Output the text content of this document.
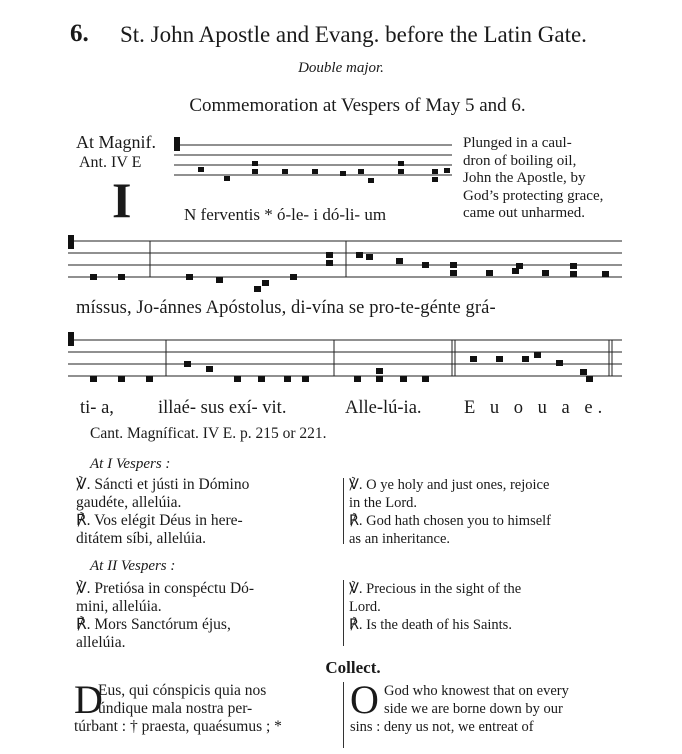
6. St. John Apostle and Evang. before the Latin Gate.
Double major.
Commemoration at Vespers of May 5 and 6.
At Magnif.
Ant. IV E
I	N ferventis * ó-le- i dó-li- um
Plunged in a caul-
dron of boiling oil,
John the Apostle, by
God’s protecting grace,
came out unharmed.
míssus, Jo-ánnes Apóstolus, di-vína se pro-te-génte grá-
ti- a, illaé- sus exí- vit.	Alle-lú-ia. E u o u a e.
Cant. Magníficat. IV E. p. 215 or 221.
At I Vespers :
℣. Sáncti et jústi in Dómino
gaudéte, allelúia.
℟. Vos elégit Déus in here-
ditátem síbi, allelúia.
℣. O ye holy and just ones, rejoice
in the Lord.
℟. God hath chosen you to himself
as an inheritance.
At II Vespers :
℣. Pretiósa in conspéctu Dó-
mini, allelúia.
℟. Mors Sanctórum éjus,
allelúia.
℣. Precious in the sight of the
Lord.
℟. Is the death of his Saints.
Collect.
D
Eus, qui cónspicis quia nos
úndique mala nostra per-
túrbant : † praesta, quaésumus ; *
O God who knowest that on every
side we are borne down by our
sins : deny us not, we entreat of
